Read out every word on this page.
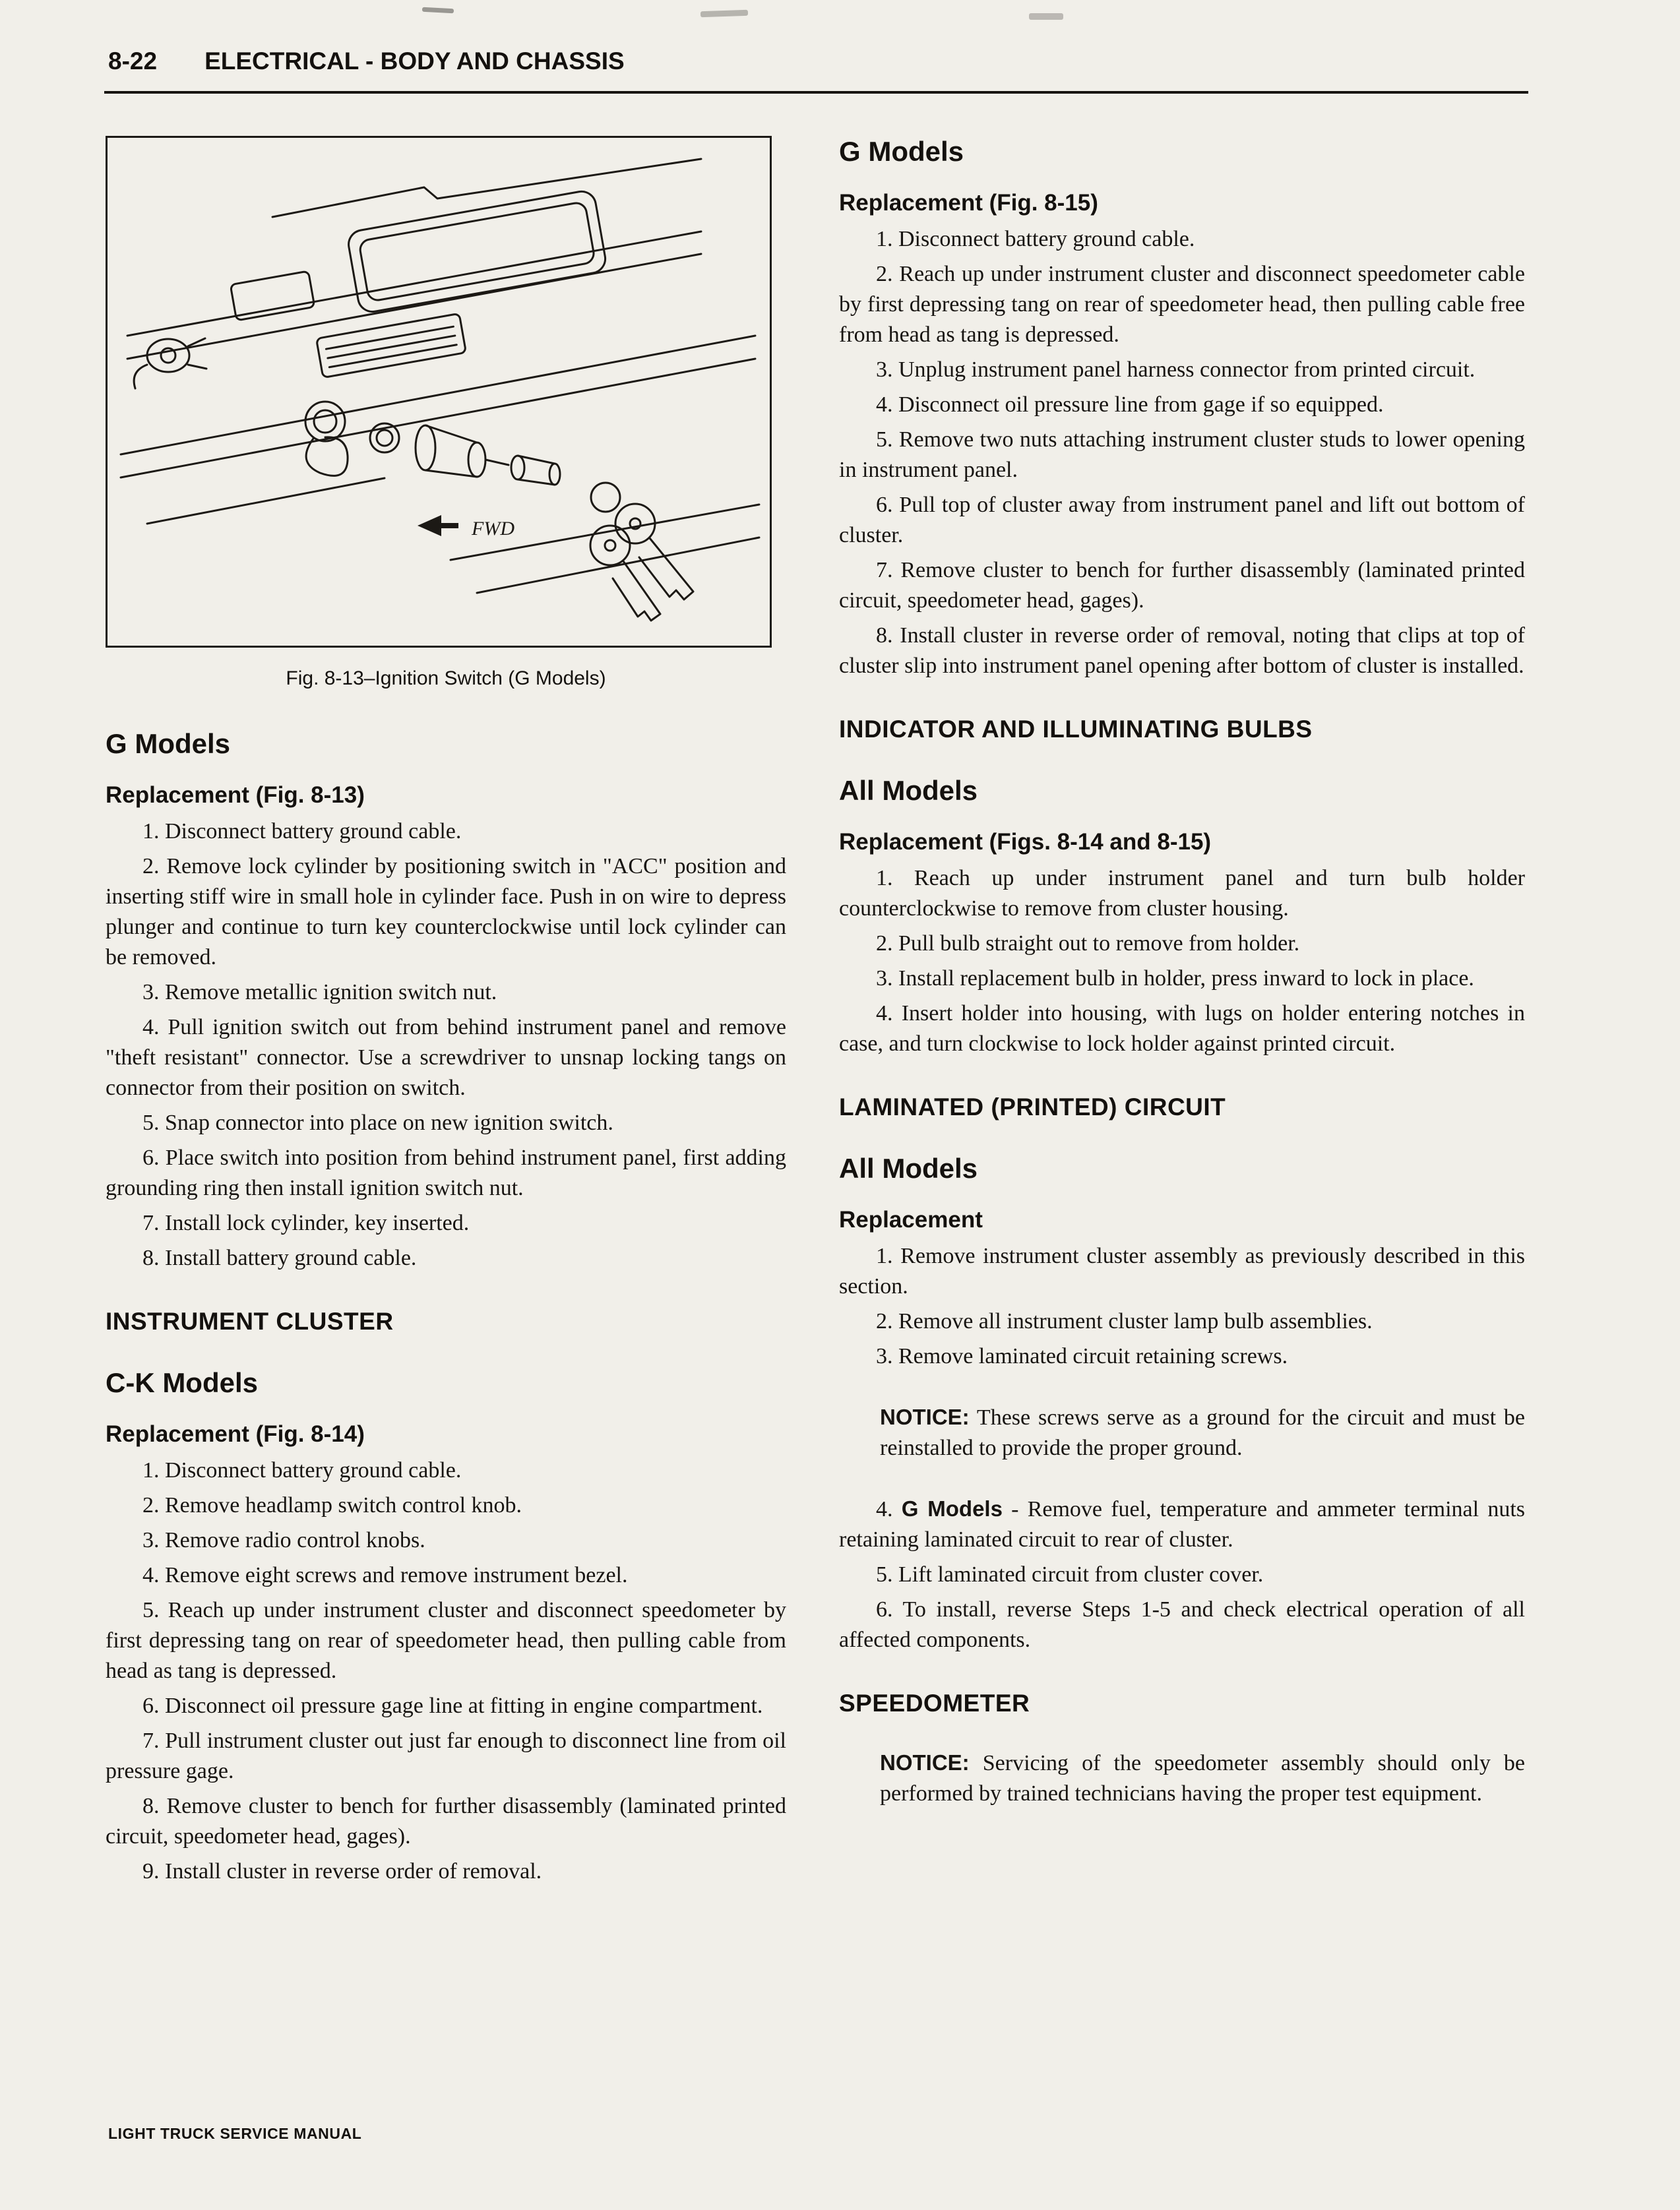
8-22 ELECTRICAL - BODY AND CHASSIS
FWD
Fig. 8-13–Ignition Switch (G Models)
G Models
Replacement (Fig. 8-13)

1. Disconnect battery ground cable.

2. Remove lock cylinder by positioning switch in "ACC" position and inserting stiff wire in small hole in cylinder face. Push in on wire to depress plunger and continue to turn key counterclockwise until lock cylinder can be removed.

3. Remove metallic ignition switch nut.

4. Pull ignition switch out from behind instrument panel and remove "theft resistant" connector. Use a screwdriver to unsnap locking tangs on connector from their position on switch.

5. Snap connector into place on new ignition switch.

6. Place switch into position from behind instrument panel, first adding grounding ring then install ignition switch nut.

7. Install lock cylinder, key inserted.

8. Install battery ground cable.

INSTRUMENT CLUSTER
C-K Models
Replacement (Fig. 8-14)

1. Disconnect battery ground cable.

2. Remove headlamp switch control knob.

3. Remove radio control knobs.

4. Remove eight screws and remove instrument bezel.

5. Reach up under instrument cluster and disconnect speedometer by first depressing tang on rear of speedometer head, then pulling cable from head as tang is depressed.

6. Disconnect oil pressure gage line at fitting in engine compartment.

7. Pull instrument cluster out just far enough to disconnect line from oil pressure gage.

8. Remove cluster to bench for further disassembly (laminated printed circuit, speedometer head, gages).

9. Install cluster in reverse order of removal.

G Models
Replacement (Fig. 8-15)

1. Disconnect battery ground cable.

2. Reach up under instrument cluster and disconnect speedometer cable by first depressing tang on rear of speedometer head, then pulling cable free from head as tang is depressed.

3. Unplug instrument panel harness connector from printed circuit.

4. Disconnect oil pressure line from gage if so equipped.

5. Remove two nuts attaching instrument cluster studs to lower opening in instrument panel.

6. Pull top of cluster away from instrument panel and lift out bottom of cluster.

7. Remove cluster to bench for further disassembly (laminated printed circuit, speedometer head, gages).

8. Install cluster in reverse order of removal, noting that clips at top of cluster slip into instrument panel opening after bottom of cluster is installed.

INDICATOR AND ILLUMINATING BULBS
All Models
Replacement (Figs. 8-14 and 8-15)

1. Reach up under instrument panel and turn bulb holder counterclockwise to remove from cluster housing.

2. Pull bulb straight out to remove from holder.

3. Install replacement bulb in holder, press inward to lock in place.

4. Insert holder into housing, with lugs on holder entering notches in case, and turn clockwise to lock holder against printed circuit.

LAMINATED (PRINTED) CIRCUIT
All Models
Replacement

1. Remove instrument cluster assembly as previously described in this section.

2. Remove all instrument cluster lamp bulb assemblies.

3. Remove laminated circuit retaining screws.

NOTICE: These screws serve as a ground for the circuit and must be reinstalled to provide the proper ground.

4. G Models - Remove fuel, temperature and ammeter terminal nuts retaining laminated circuit to rear of cluster.

5. Lift laminated circuit from cluster cover.

6. To install, reverse Steps 1-5 and check electrical operation of all affected components.

SPEEDOMETER

NOTICE: Servicing of the speedometer assembly should only be performed by trained technicians having the proper test equipment.

LIGHT TRUCK SERVICE MANUAL
